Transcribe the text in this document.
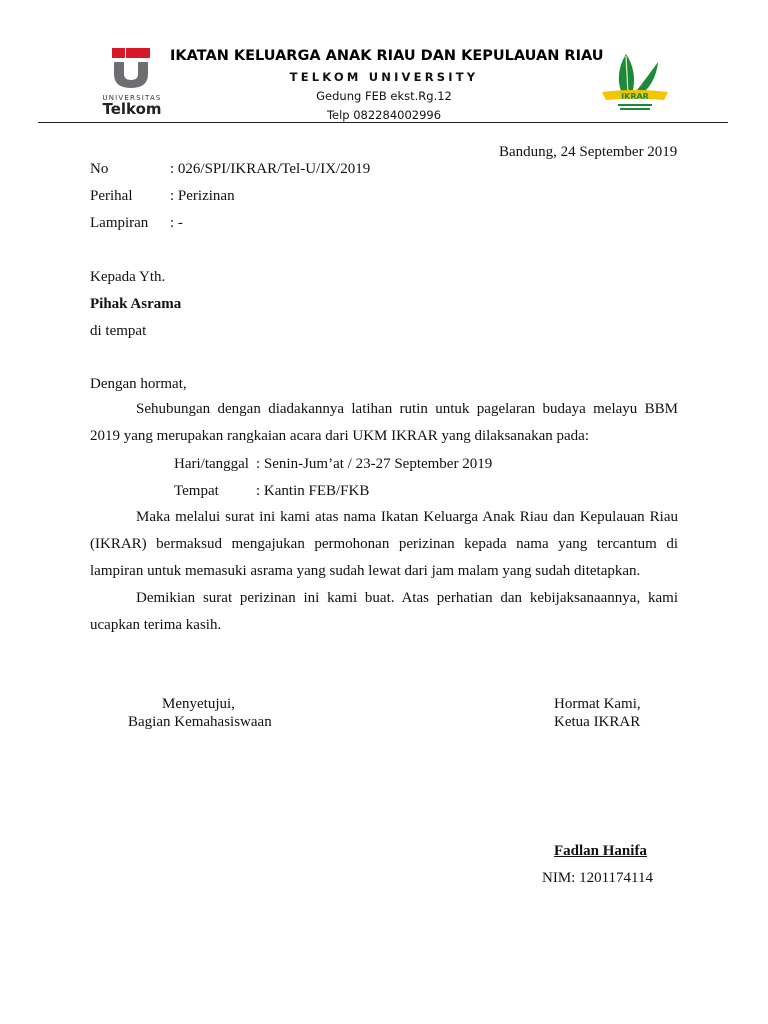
UNIVERSITAS
Telkom
IKATAN KELUARGA ANAK RIAU DAN KEPULAUAN RIAU
TELKOM UNIVERSITY
Gedung FEB ekst.Rg.12
Telp 082284002996
IKRAR
Bandung, 24 September 2019
No	: 026/SPI/IKRAR/Tel-U/IX/2019
Perihal	: Perizinan
Lampiran : -
Kepada Yth.
Pihak Asrama
di tempat
Dengan hormat,
Sehubungan dengan diadakannya latihan rutin untuk pagelaran budaya melayu BBM 2019 yang merupakan rangkaian acara dari UKM IKRAR yang dilaksanakan pada:
Hari/tanggal : Senin-Jum’at / 23-27 September 2019
Tempat : Kantin FEB/FKB
Maka melalui surat ini kami atas nama Ikatan Keluarga Anak Riau dan Kepulauan Riau (IKRAR) bermaksud mengajukan permohonan perizinan kepada nama yang tercantum di lampiran untuk memasuki asrama yang sudah lewat dari jam malam yang sudah ditetapkan.
Demikian surat perizinan ini kami buat. Atas perhatian dan kebijaksanaannya, kami ucapkan terima kasih.
Menyetujui,
Bagian Kemahasiswaan
Hormat Kami,
Ketua IKRAR
Fadlan Hanifa
NIM: 1201174114
